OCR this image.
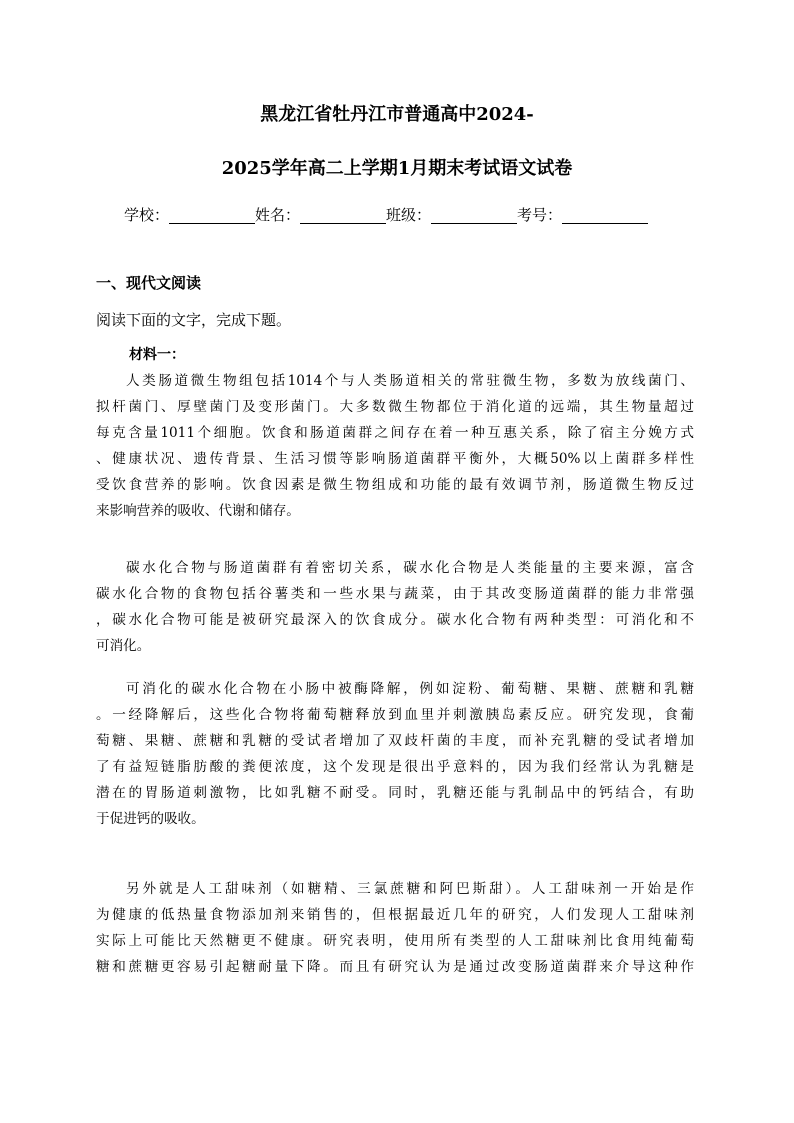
黑龙江省牡丹江市普通高中2024-
2025学年高二上学期1月期末考试语文试卷
学校：	姓名：	班级：	考号：
一、现代文阅读
阅读下面的文字，完成下题。
材料一：
人类肠道微生物组包括1014个与人类肠道相关的常驻微生物，多数为放线菌门、
拟杆菌门、厚壁菌门及变形菌门。大多数微生物都位于消化道的远端，其生物量超过
每克含量1011个细胞。饮食和肠道菌群之间存在着一种互惠关系，除了宿主分娩方式
、健康状况、遗传背景、生活习惯等影响肠道菌群平衡外，大概50%以上菌群多样性
受饮食营养的影响。饮食因素是微生物组成和功能的最有效调节剂，肠道微生物反过
来影响营养的吸收、代谢和储存。
碳水化合物与肠道菌群有着密切关系，碳水化合物是人类能量的主要来源，富含
碳水化合物的食物包括谷薯类和一些水果与蔬菜，由于其改变肠道菌群的能力非常强
，碳水化合物可能是被研究最深入的饮食成分。碳水化合物有两种类型：可消化和不
可消化。
可消化的碳水化合物在小肠中被酶降解，例如淀粉、葡萄糖、果糖、蔗糖和乳糖
。一经降解后，这些化合物将葡萄糖释放到血里并刺激胰岛素反应。研究发现，食葡
萄糖、果糖、蔗糖和乳糖的受试者增加了双歧杆菌的丰度，而补充乳糖的受试者增加
了有益短链脂肪酸的粪便浓度，这个发现是很出乎意料的，因为我们经常认为乳糖是
潜在的胃肠道刺激物，比如乳糖不耐受。同时，乳糖还能与乳制品中的钙结合，有助
于促进钙的吸收。
另外就是人工甜味剂（如糖精、三氯蔗糖和阿巴斯甜）。人工甜味剂一开始是作
为健康的低热量食物添加剂来销售的，但根据最近几年的研究，人们发现人工甜味剂
实际上可能比天然糖更不健康。研究表明，使用所有类型的人工甜味剂比食用纯葡萄
糖和蔗糖更容易引起糖耐量下降。而且有研究认为是通过改变肠道菌群来介导这种作
